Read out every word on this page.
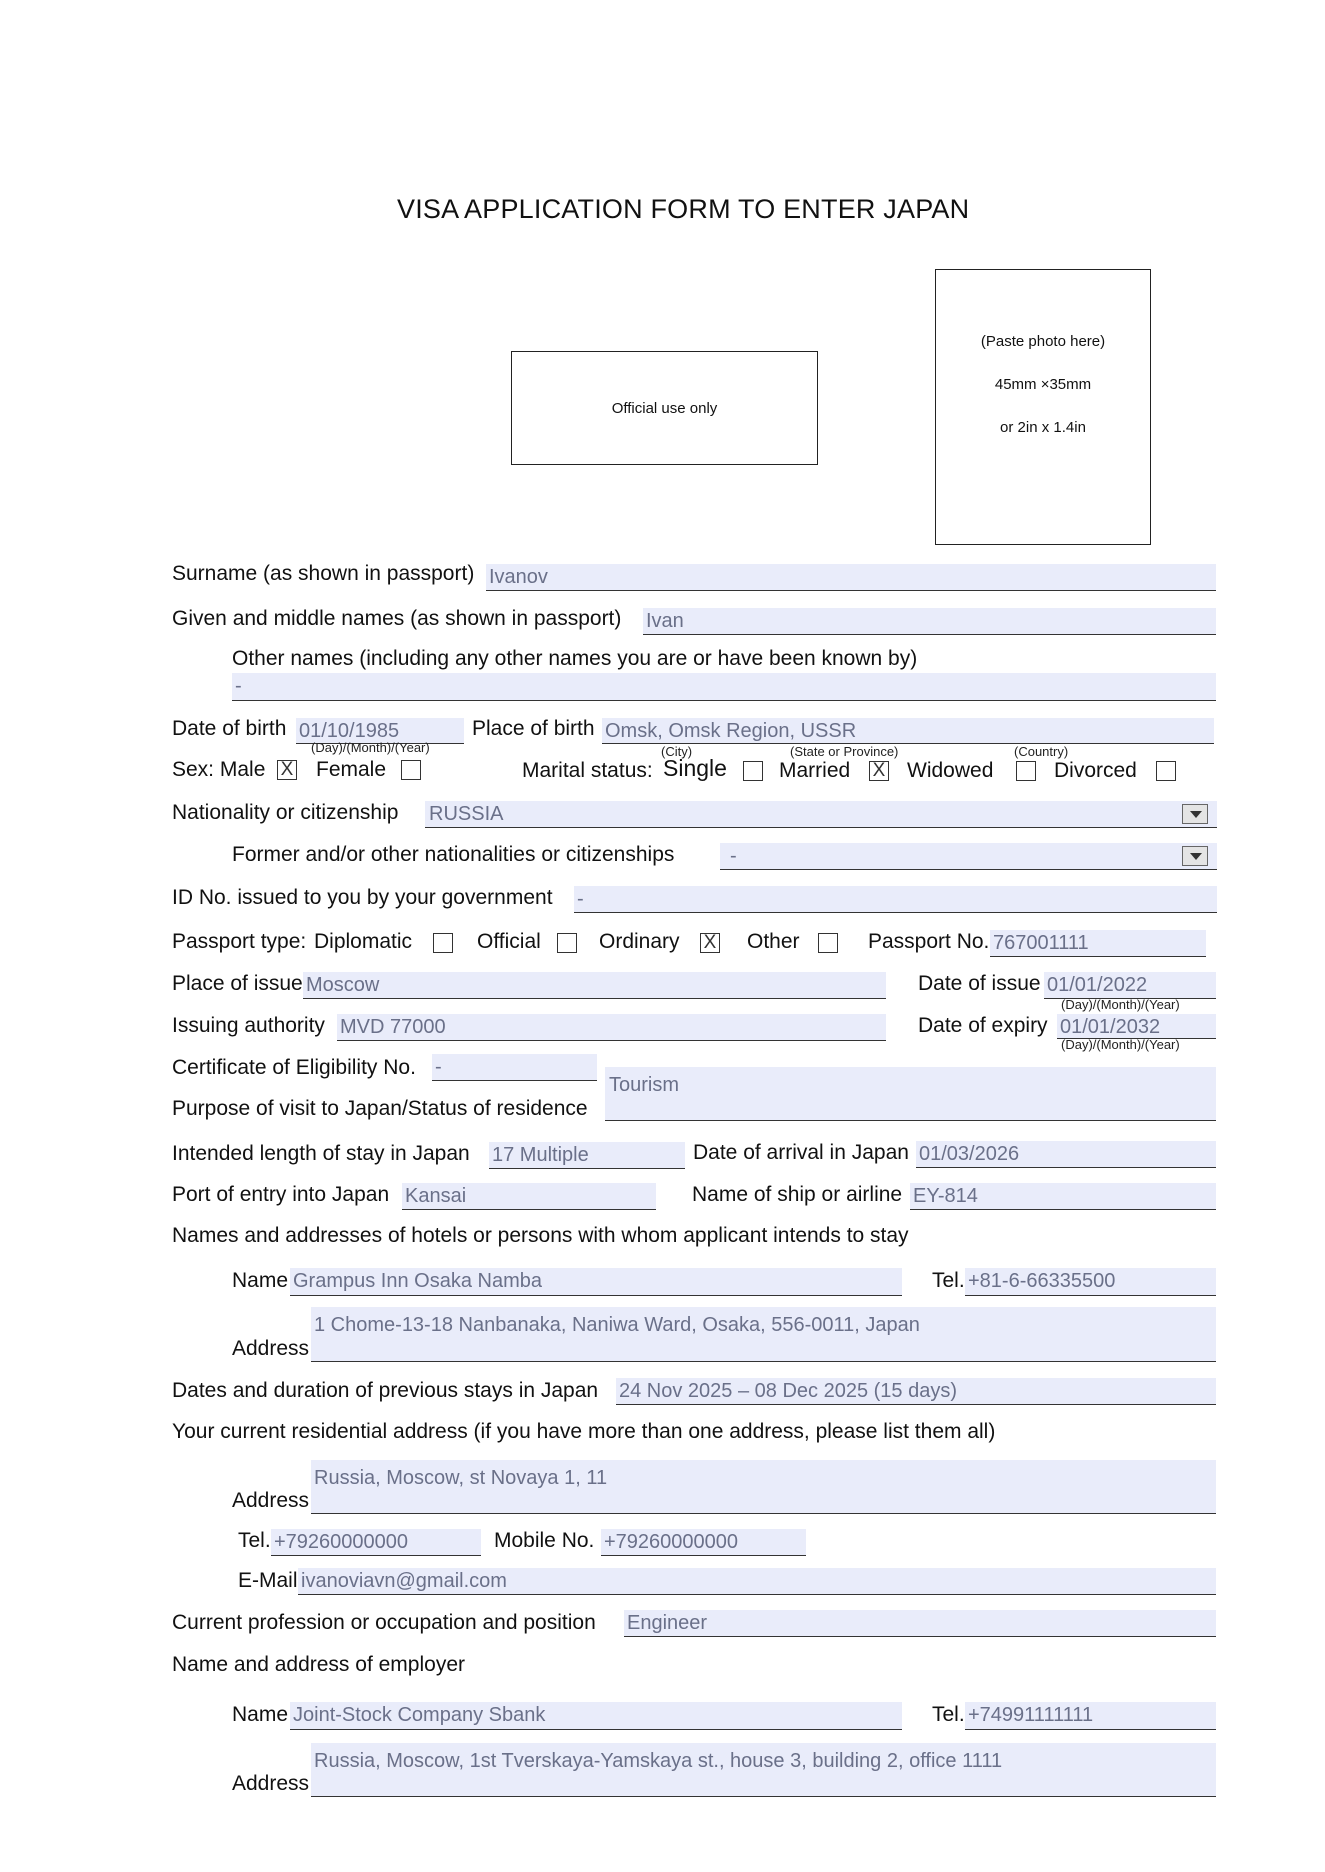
VISA APPLICATION FORM TO ENTER JAPAN
Official use only
(Paste photo here)
45mm ×35mm
or 2in x 1.4in
Surname (as shown in passport) Ivanov
Given and middle names (as shown in passport) Ivan
Other names (including any other names you are or have been known by)
-
Date of birth 01/10/1985
(Day)/(Month)/(Year)
Place of birth Omsk, Omsk Region, USSR
(City)	(State or Province)	(Country)
Sex: Male X Female	Marital status: Single Married X Widowed	Divorced
Nationality or citizenship RUSSIA
Former and/or other nationalities or citizenships	-
ID No. issued to you by your government -
Passport type: Diplomatic	Official	Ordinary X Other	Passport No. 767001111
Place of issue Moscow	Date of issue 01/01/2022
(Day)/(Month)/(Year)
Issuing authority MVD 77000	Date of expiry 01/01/2032
(Day)/(Month)/(Year)
Certificate of Eligibility No. -
Purpose of visit to Japan/Status of residence
Tourism
Intended length of stay in Japan 17 Multiple	Date of arrival in Japan 01/03/2026
Port of entry into Japan Kansai	Name of ship or airline EY-814
Names and addresses of hotels or persons with whom applicant intends to stay
Name Grampus Inn Osaka Namba	Tel. +81-6-66335500
Address
1 Chome-13-18 Nanbanaka, Naniwa Ward, Osaka, 556-0011, Japan
Dates and duration of previous stays in Japan 24 Nov 2025 – 08 Dec 2025 (15 days)
Your current residential address (if you have more than one address, please list them all)
Address
Russia, Moscow, st Novaya 1, 11
Tel. +79260000000	Mobile No. +79260000000
E-Mail ivanoviavn@gmail.com
Current profession or occupation and position Engineer
Name and address of employer
Name Joint-Stock Company Sbank	Tel. +74991111111
Address
Russia, Moscow, 1st Tverskaya-Yamskaya st., house 3, building 2, office 1111
